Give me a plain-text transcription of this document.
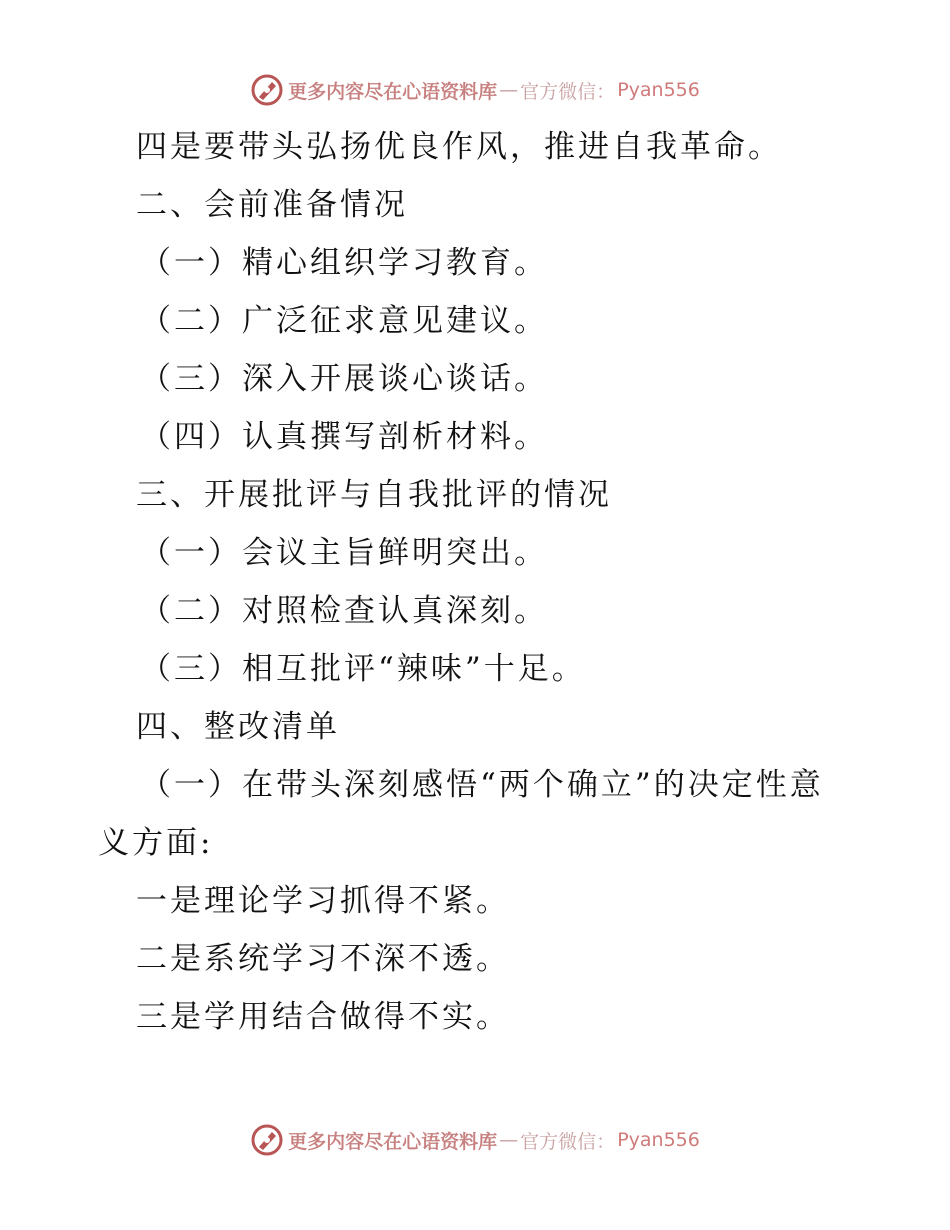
更多内容尽在心语资料库 — 官方微信： Pyan556
四是要带头弘扬优良作风，推进自我革命。
二、会前准备情况
（一）精心组织学习教育。
（二）广泛征求意见建议。
（三）深入开展谈心谈话。
（四）认真撰写剖析材料。
三、开展批评与自我批评的情况
（一）会议主旨鲜明突出。
（二）对照检查认真深刻。
（三）相互批评“辣味”十足。
四、整改清单
（一）在带头深刻感悟“两个确立”的决定性意
义方面:
一是理论学习抓得不紧。
二是系统学习不深不透。
三是学用结合做得不实。
更多内容尽在心语资料库 — 官方微信： Pyan556
